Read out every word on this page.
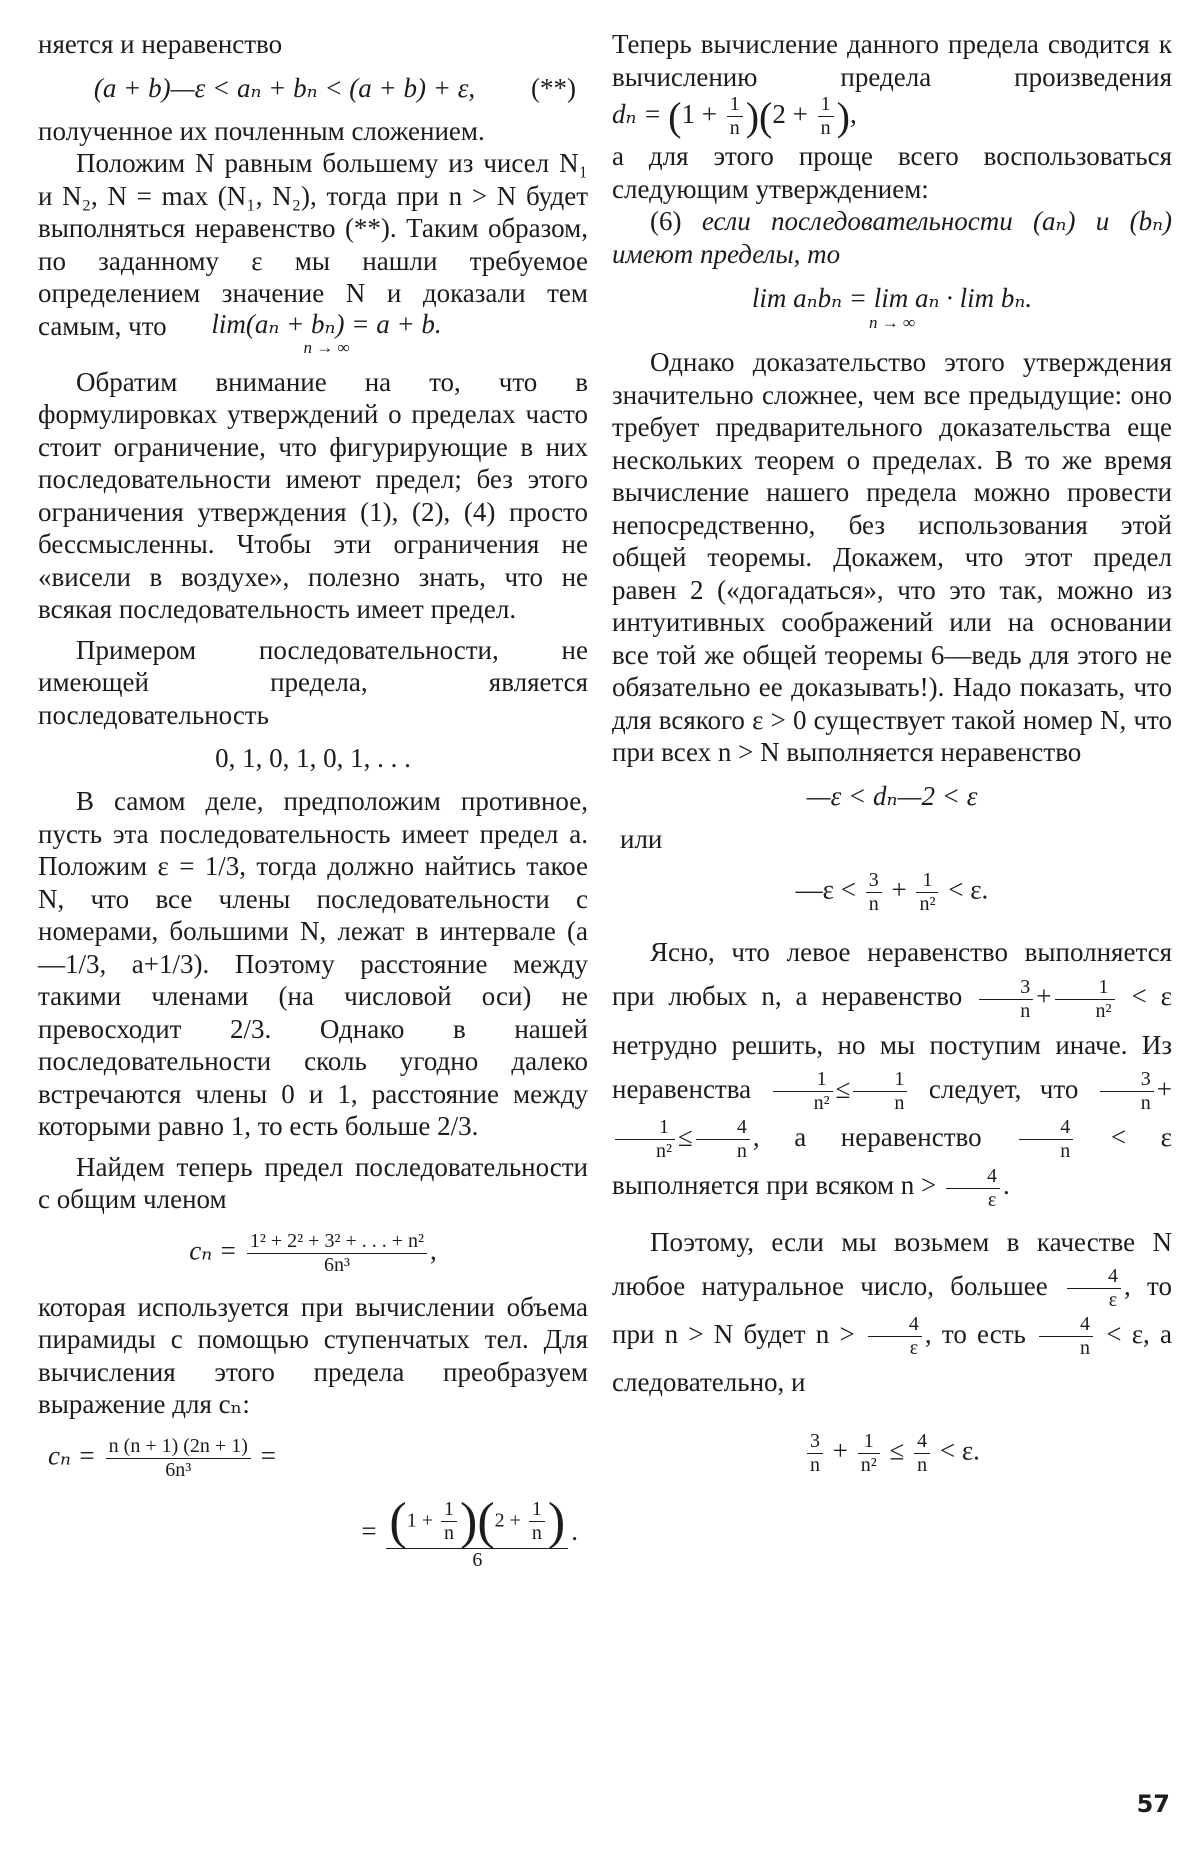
няется и неравенство

(a + b)—ε < aₙ + bₙ < (a + b) + ε, (**)

полученное их почленным сложением.

Положим N равным большему из чисел N₁ и N₂, N = max (N₁, N₂), тогда при n > N будет выполняться неравенство (**). Таким образом, по заданному ε мы нашли требуемое определением значение N и доказали тем самым, что lim(aₙ + bₙ) = a + b.
n → ∞

Обратим внимание на то, что в формулировках утверждений о пределах часто стоит ограничение, что фигурирующие в них последовательности имеют предел; без этого ограничения утверждения (1), (2), (4) просто бессмысленны. Чтобы эти ограничения не «висели в воздухе», полезно знать, что не всякая последовательность имеет предел.

Примером последовательности, не имеющей предела, является последовательность

0, 1, 0, 1, 0, 1, . . .

В самом деле, предположим противное, пусть эта последовательность имеет предел a. Положим ε = 1/3, тогда должно найтись такое N, что все члены последовательности с номерами, большими N, лежат в интервале (a—1/3, a+1/3). Поэтому расстояние между такими членами (на числовой оси) не превосходит 2/3. Однако в нашей последовательности сколь угодно далеко встречаются члены 0 и 1, расстояние между которыми равно 1, то есть больше 2/3.

Найдем теперь предел последовательности с общим членом

$c_n = \frac{\text{1² + 2² + 3² + . . . + n²}}{\text{6n³}}$ ,

которая используется при вычислении объема пирамиды с помощью ступенчатых тел. Для вычисления этого предела преобразуем выражение для cₙ:

$c_n = \frac{n (n + 1) (2n + 1)}{\text{6n³}}$ =
= $\frac{(1 + \frac{1}{n} )(2 + \frac{1}{n} )}{6}$ .

Теперь вычисление данного предела сводится к вычислению предела произведения $d_n = (1 + \frac{1}{n} )(2 + \frac{1}{n}$ ),

а для этого проще всего воспользоваться следующим утверждением:

(6) если последовательности (aₙ) и (bₙ) имеют пределы, то

lim aₙbₙ = lim aₙ · lim bₙ.
n → ∞

Однако доказательство этого утверждения значительно сложнее, чем все предыдущие: оно требует предварительного доказательства еще нескольких теорем о пределах. В то же время вычисление нашего предела можно провести непосредственно, без использования этой общей теоремы. Докажем, что этот предел равен 2 («догадаться», что это так, можно из интуитивных соображений или на основании все той же общей теоремы 6—ведь для этого не обязательно ее доказывать!). Надо показать, что для всякого ε > 0 существует такой номер N, что при всех n > N выполняется неравенство

—ε < dₙ—2 < ε

или

—ε < $\frac{3}{n} + \frac{1}{\text{n²}} < \varepsilon$.

Ясно, что левое неравенство выполняется при любых n, а неравенство $\frac{3}{n} + \frac{1}{\text{n²}} < \varepsilon$ нетрудно решить, но мы поступим иначе. Из неравенства $\frac{1}{\text{n²}} \le \frac{1}{n}$ следует, что $\frac{3}{n}$ +
$\frac{1}{\text{n²}} \le \frac{4}{n}$ , а неравенство $\frac{4}{n} < \varepsilon$ выполняется при всяком $n > \frac{4}{\varepsilon}$ .

Поэтому, если мы возьмем в качестве N любое натуральное число, большее $\frac{4}{\varepsilon}$ , то при n > N будет $n > \frac{4}{\varepsilon}$ , то есть $\frac{4}{n} < \varepsilon$, а следовательно, и

$\frac{3}{n} + \frac{1}{\text{n²}} \le \frac{4}{n} < \varepsilon$.
57
